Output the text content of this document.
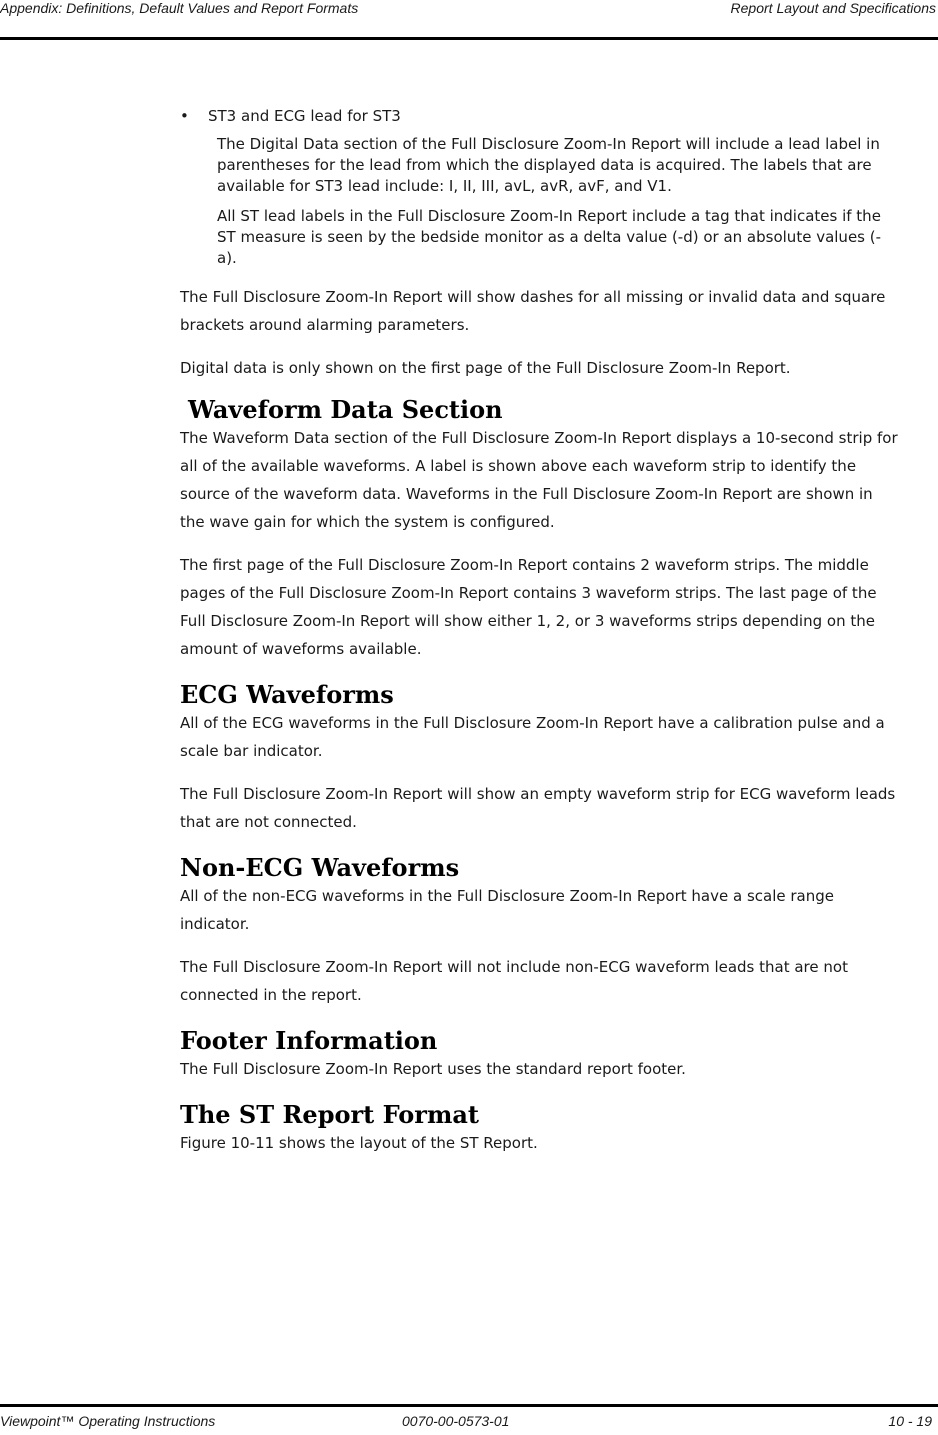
Appendix: Definitions, Default Values and Report Formats	Report Layout and Specifications

• ST3 and ECG lead for ST3

The Digital Data section of the Full Disclosure Zoom-In Report will include a lead label in parentheses for the lead from which the displayed data is acquired. The labels that are available for ST3 lead include: I, II, III, avL, avR, avF, and V1.

All ST lead labels in the Full Disclosure Zoom-In Report include a tag that indicates if the ST measure is seen by the bedside monitor as a delta value (-d) or an absolute values (-a).

The Full Disclosure Zoom-In Report will show dashes for all missing or invalid data and square brackets around alarming parameters.

Digital data is only shown on the first page of the Full Disclosure Zoom-In Report.

Waveform Data Section

The Waveform Data section of the Full Disclosure Zoom-In Report displays a 10-second strip for all of the available waveforms. A label is shown above each waveform strip to identify the source of the waveform data. Waveforms in the Full Disclosure Zoom-In Report are shown in the wave gain for which the system is configured.

The first page of the Full Disclosure Zoom-In Report contains 2 waveform strips. The middle pages of the Full Disclosure Zoom-In Report contains 3 waveform strips. The last page of the Full Disclosure Zoom-In Report will show either 1, 2, or 3 waveforms strips depending on the amount of waveforms available.

ECG Waveforms

All of the ECG waveforms in the Full Disclosure Zoom-In Report have a calibration pulse and a scale bar indicator.

The Full Disclosure Zoom-In Report will show an empty waveform strip for ECG waveform leads that are not connected.

Non-ECG Waveforms

All of the non-ECG waveforms in the Full Disclosure Zoom-In Report have a scale range indicator.

The Full Disclosure Zoom-In Report will not include non-ECG waveform leads that are not connected in the report.

Footer Information

The Full Disclosure Zoom-In Report uses the standard report footer.

The ST Report Format

Figure 10-11 shows the layout of the ST Report.

Viewpoint™ Operating Instructions	0070-00-0573-01	10 - 19
